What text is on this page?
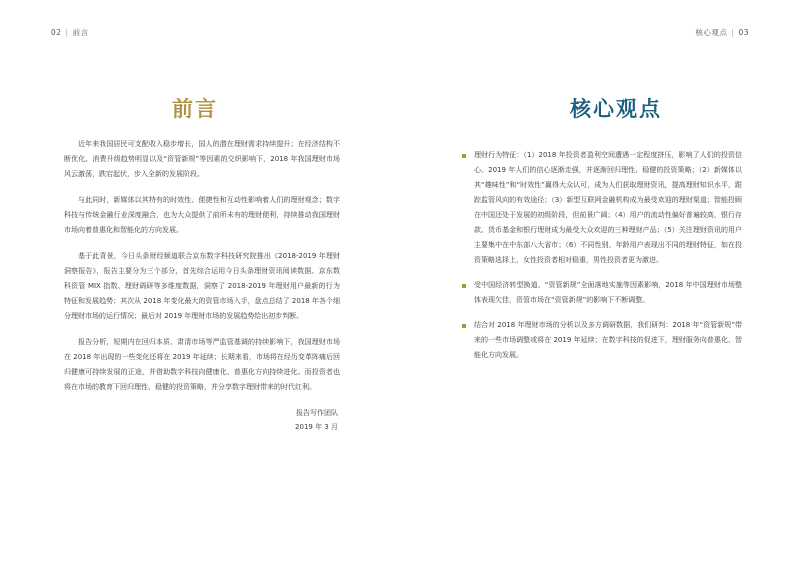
02 | 前言
前言

近年来我国居民可支配收入稳步增长，国人的潜在理财需求持续提升；在经济结构不断优化、消费升级趋势明显以及“资管新规”等因素的交织影响下，2018 年我国理财市场风云激荡，跌宕起伏，步入全新的发展阶段。

与此同时，新媒体以其特有的时效性、便捷性和互动性影响着人们的理财观念；数字科技与传统金融行业深度融合，也为大众提供了前所未有的理财便利，持续推动我国理财市场向着普惠化和智能化的方向发展。

基于此背景，今日头条财经频道联合京东数字科技研究院推出《2018-2019 年理财洞察报告》，报告主要分为三个部分，首先综合运用今日头条理财资讯阅读数据、京东数科资管 MIX 指数、理财调研等多维度数据，洞察了 2018-2019 年理财用户最新的行为特征和发展趋势；其次从 2018 年变化最大的资管市场入手，盘点总结了 2018 年各个细分理财市场的运行情况；最后对 2019 年理财市场的发展趋势给出初步判断。

报告分析，短期内在回归本质、肃清市场等严监管基调的持续影响下，我国理财市场在 2018 年出现的一些变化还将在 2019 年延续；长期来看，市场将在经历变革阵痛后回归健康可持续发展的正途，并借助数字科技向健康化、普惠化方向持续进化。而投资者也将在市场的教育下回归理性、稳健的投资策略，并分享数字理财带来的时代红利。

报告写作团队
2019 年 3 月
核心观点 | 03
核心观点
理财行为特征：（1）2018 年投资者盈利空间遭遇一定程度挤压，影响了人们的投资信心。2019 年人们的信心逐渐走强，并逐渐回归理性、稳健的投资策略；（2）新媒体以其“趣味性”和“时效性”赢得大众认可，成为人们获取理财资讯，提高理财知识水平，跟踪监管风向的有效途径；（3）新型互联网金融机构成为最受欢迎的理财渠道；智能投顾在中国还处于发展的初级阶段，但前景广阔；（4）用户的流动性偏好普遍较高，银行存款、货币基金和银行理财成为最受大众欢迎的三种理财产品；（5）关注理财资讯的用户主要集中在中东部八大省市；（6）不同性别、年龄用户表现出不同的理财特征，如在投资策略选择上，女性投资者相对稳重，男性投资者更为激进。
受中国经济转型换道、“资管新规”全面落地实施等因素影响，2018 年中国理财市场整体表现欠佳，资管市场在“资管新规”的影响下不断调整。
结合对 2018 年理财市场的分析以及多方调研数据，我们研判：2018 年“资管新规”带来的一些市场调整或将在 2019 年延续；在数字科技的促进下，理财服务向普惠化、智能化方向发展。
